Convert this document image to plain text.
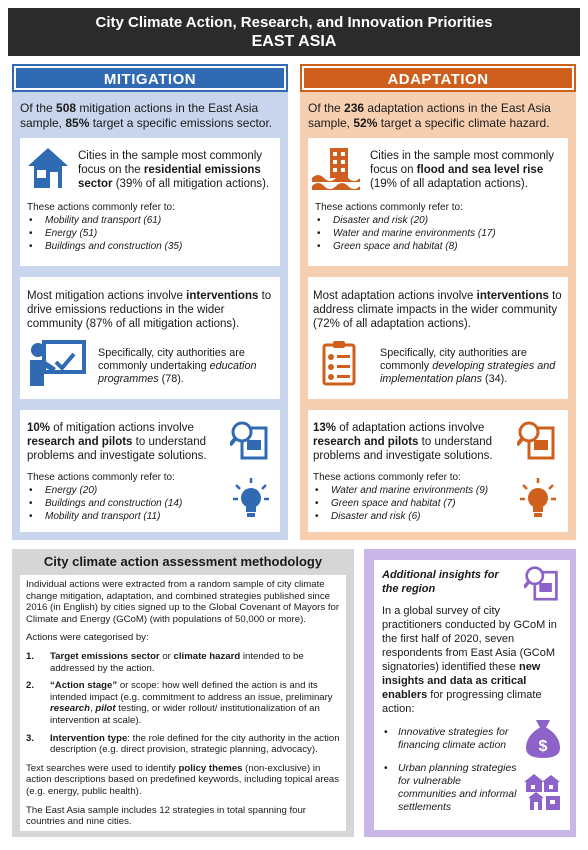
City Climate Action, Research, and Innovation Priorities
EAST ASIA
MITIGATION
Of the 508 mitigation actions in the East Asia sample, 85% target a specific emissions sector.
Cities in the sample most commonly focus on the residential emissions sector (39% of all mitigation actions).
These actions commonly refer to:
• Mobility and transport (61)
• Energy (51)
• Buildings and construction (35)
Most mitigation actions involve interventions to drive emissions reductions in the wider community (87% of all mitigation actions).
Specifically, city authorities are commonly undertaking education programmes (78).
10% of mitigation actions involve research and pilots to understand problems and investigate solutions.
These actions commonly refer to:
• Energy (20)
• Buildings and construction (14)
• Mobility and transport (11)
ADAPTATION
Of the 236 adaptation actions in the East Asia sample, 52% target a specific climate hazard.
Cities in the sample most commonly focus on flood and sea level rise (19% of all adaptation actions).
These actions commonly refer to:
• Disaster and risk (20)
• Water and marine environments (17)
• Green space and habitat (8)
Most adaptation actions involve interventions to address climate impacts in the wider community (72% of all adaptation actions).
Specifically, city authorities are commonly developing strategies and implementation plans (34).
13% of adaptation actions involve research and pilots to understand problems and investigate solutions.
These actions commonly refer to:
• Water and marine environments (9)
• Green space and habitat (7)
• Disaster and risk (6)
City climate action assessment methodology

Individual actions were extracted from a random sample of city climate change mitigation, adaptation, and combined strategies published since 2016 (in English) by cities signed up to the Global Covenant of Mayors for Climate and Energy (GCoM) (with populations of 50,000 or more).

Actions were categorised by:

1. Target emissions sector or climate hazard intended to be addressed by the action.
2. “Action stage” or scope: how well defined the action is and its intended impact (e.g. commitment to address an issue, preliminary research, pilot testing, or wider rollout/ institutionalization of an intervention at scale).
3. Intervention type: the role defined for the city authority in the action description (e.g. direct provision, strategic planning, advocacy).

Text searches were used to identify policy themes (non-exclusive) in action descriptions based on predefined keywords, including topical areas (e.g. energy, public health).

The East Asia sample includes 12 strategies in total spanning four countries and nine cities.

Additional insights for the region
In a global survey of city practitioners conducted by GCoM in the first half of 2020, seven respondents from East Asia (GCoM signatories) identified these new insights and data as critical enablers for progressing climate action:
• Innovative strategies for financing climate action
• Urban planning strategies for vulnerable communities and informal settlements
$
